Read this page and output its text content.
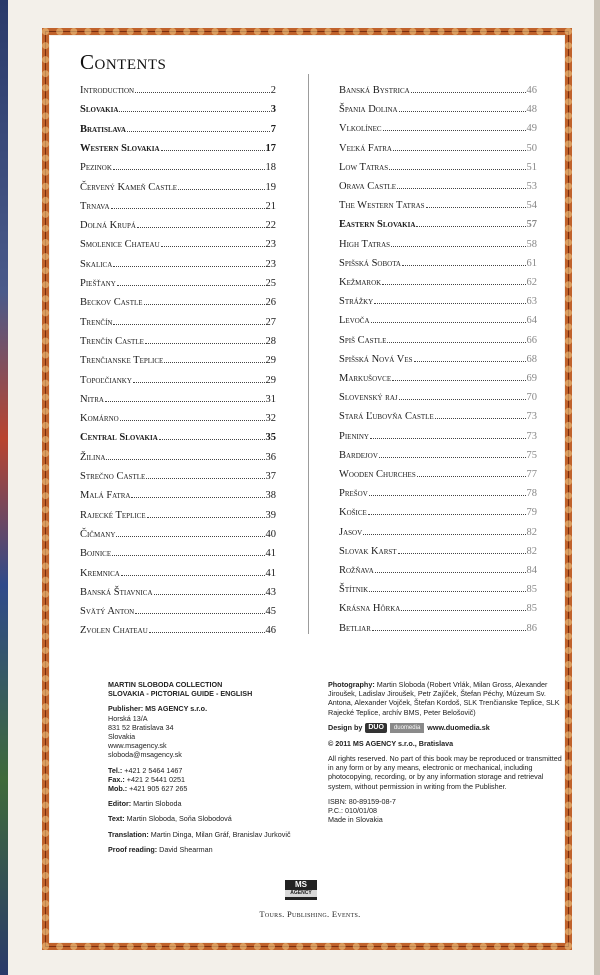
Contents
Introduction	2
Slovakia	3
Bratislava	7
Western Slovakia	17
Pezinok	18
Červený Kameň Castle	19
Trnava	21
Dolná Krupá	22
Smolenice Chateau	23
Skalica	23
Piešťany	25
Beckov Castle	26
Trenčín	27
Trenčín Castle	28
Trenčianske Teplice	29
Topoľčianky	29
Nitra	31
Komárno	32
Central Slovakia	35
Žilina	36
Strečno Castle	37
Malá Fatra	38
Rajecké Teplice	39
Čičmany	40
Bojnice	41
Kremnica	41
Banská Štiavnica	43
Svätý Anton	45
Zvolen Chateau	46
Banská Bystrica	46
Špania Dolina	48
Vlkolínec	49
Veľká Fatra	50
Low Tatras	51
Orava Castle	53
The Western Tatras	54
Eastern Slovakia	57
High Tatras	58
Spišská Sobota	61
Kežmarok	62
Strážky	63
Levoča	64
Spiš Castle	66
Spišská Nová Ves	68
Markušovce	69
Slovenský raj	70
Stará Ľubovňa Castle	73
Pieniny	73
Bardejov	75
Wooden Churches	77
Prešov	78
Košice	79
Jasov	82
Slovak Karst	82
Rožňava	84
Štítnik	85
Krásna Hôrka	85
Betliar	86
MARTIN SLOBODA COLLECTION
SLOVAKIA - PICTORIAL GUIDE - ENGLISH
Publisher: MS AGENCY s.r.o.
Horská 13/A
831 52 Bratislava 34
Slovakia
www.msagency.sk
sloboda@msagency.sk
Tel.: +421 2 5464 1467
Fax.: +421 2 5441 0251
Mob.: +421 905 627 265
Editor: Martin Sloboda
Text: Martin Sloboda, Soňa Slobodová
Translation: Martin Dinga, Milan Gráf, Branislav Jurkovič
Proof reading: David Shearman
Photography: Martin Sloboda (Robert Vrlák, Milan Gross, Alexander Jiroušek, Ladislav Jiroušek, Petr Zajíček, Štefan Péchy, Múzeum Sv. Antona, Alexander Vojček, Štefan Kordoš, SLK Trenčianske Teplice, SLK Rajecké Teplice, archív BMS, Peter Belošovič)
Design by DUO	duomedia www.duomedia.sk
© 2011 MS AGENCY s.r.o., Bratislava
All rights reserved. No part of this book may be reproduced or transmitted in any form or by any means, electronic or mechanical, including photocopying, recording, or by any information storage and retrieval system, without permission in writing from the Publisher.
ISBN: 80-89159-08-7
P.C.: 010/01/08
Made in Slovakia
MS
AGENCY
Tours. Publishing. Events.
